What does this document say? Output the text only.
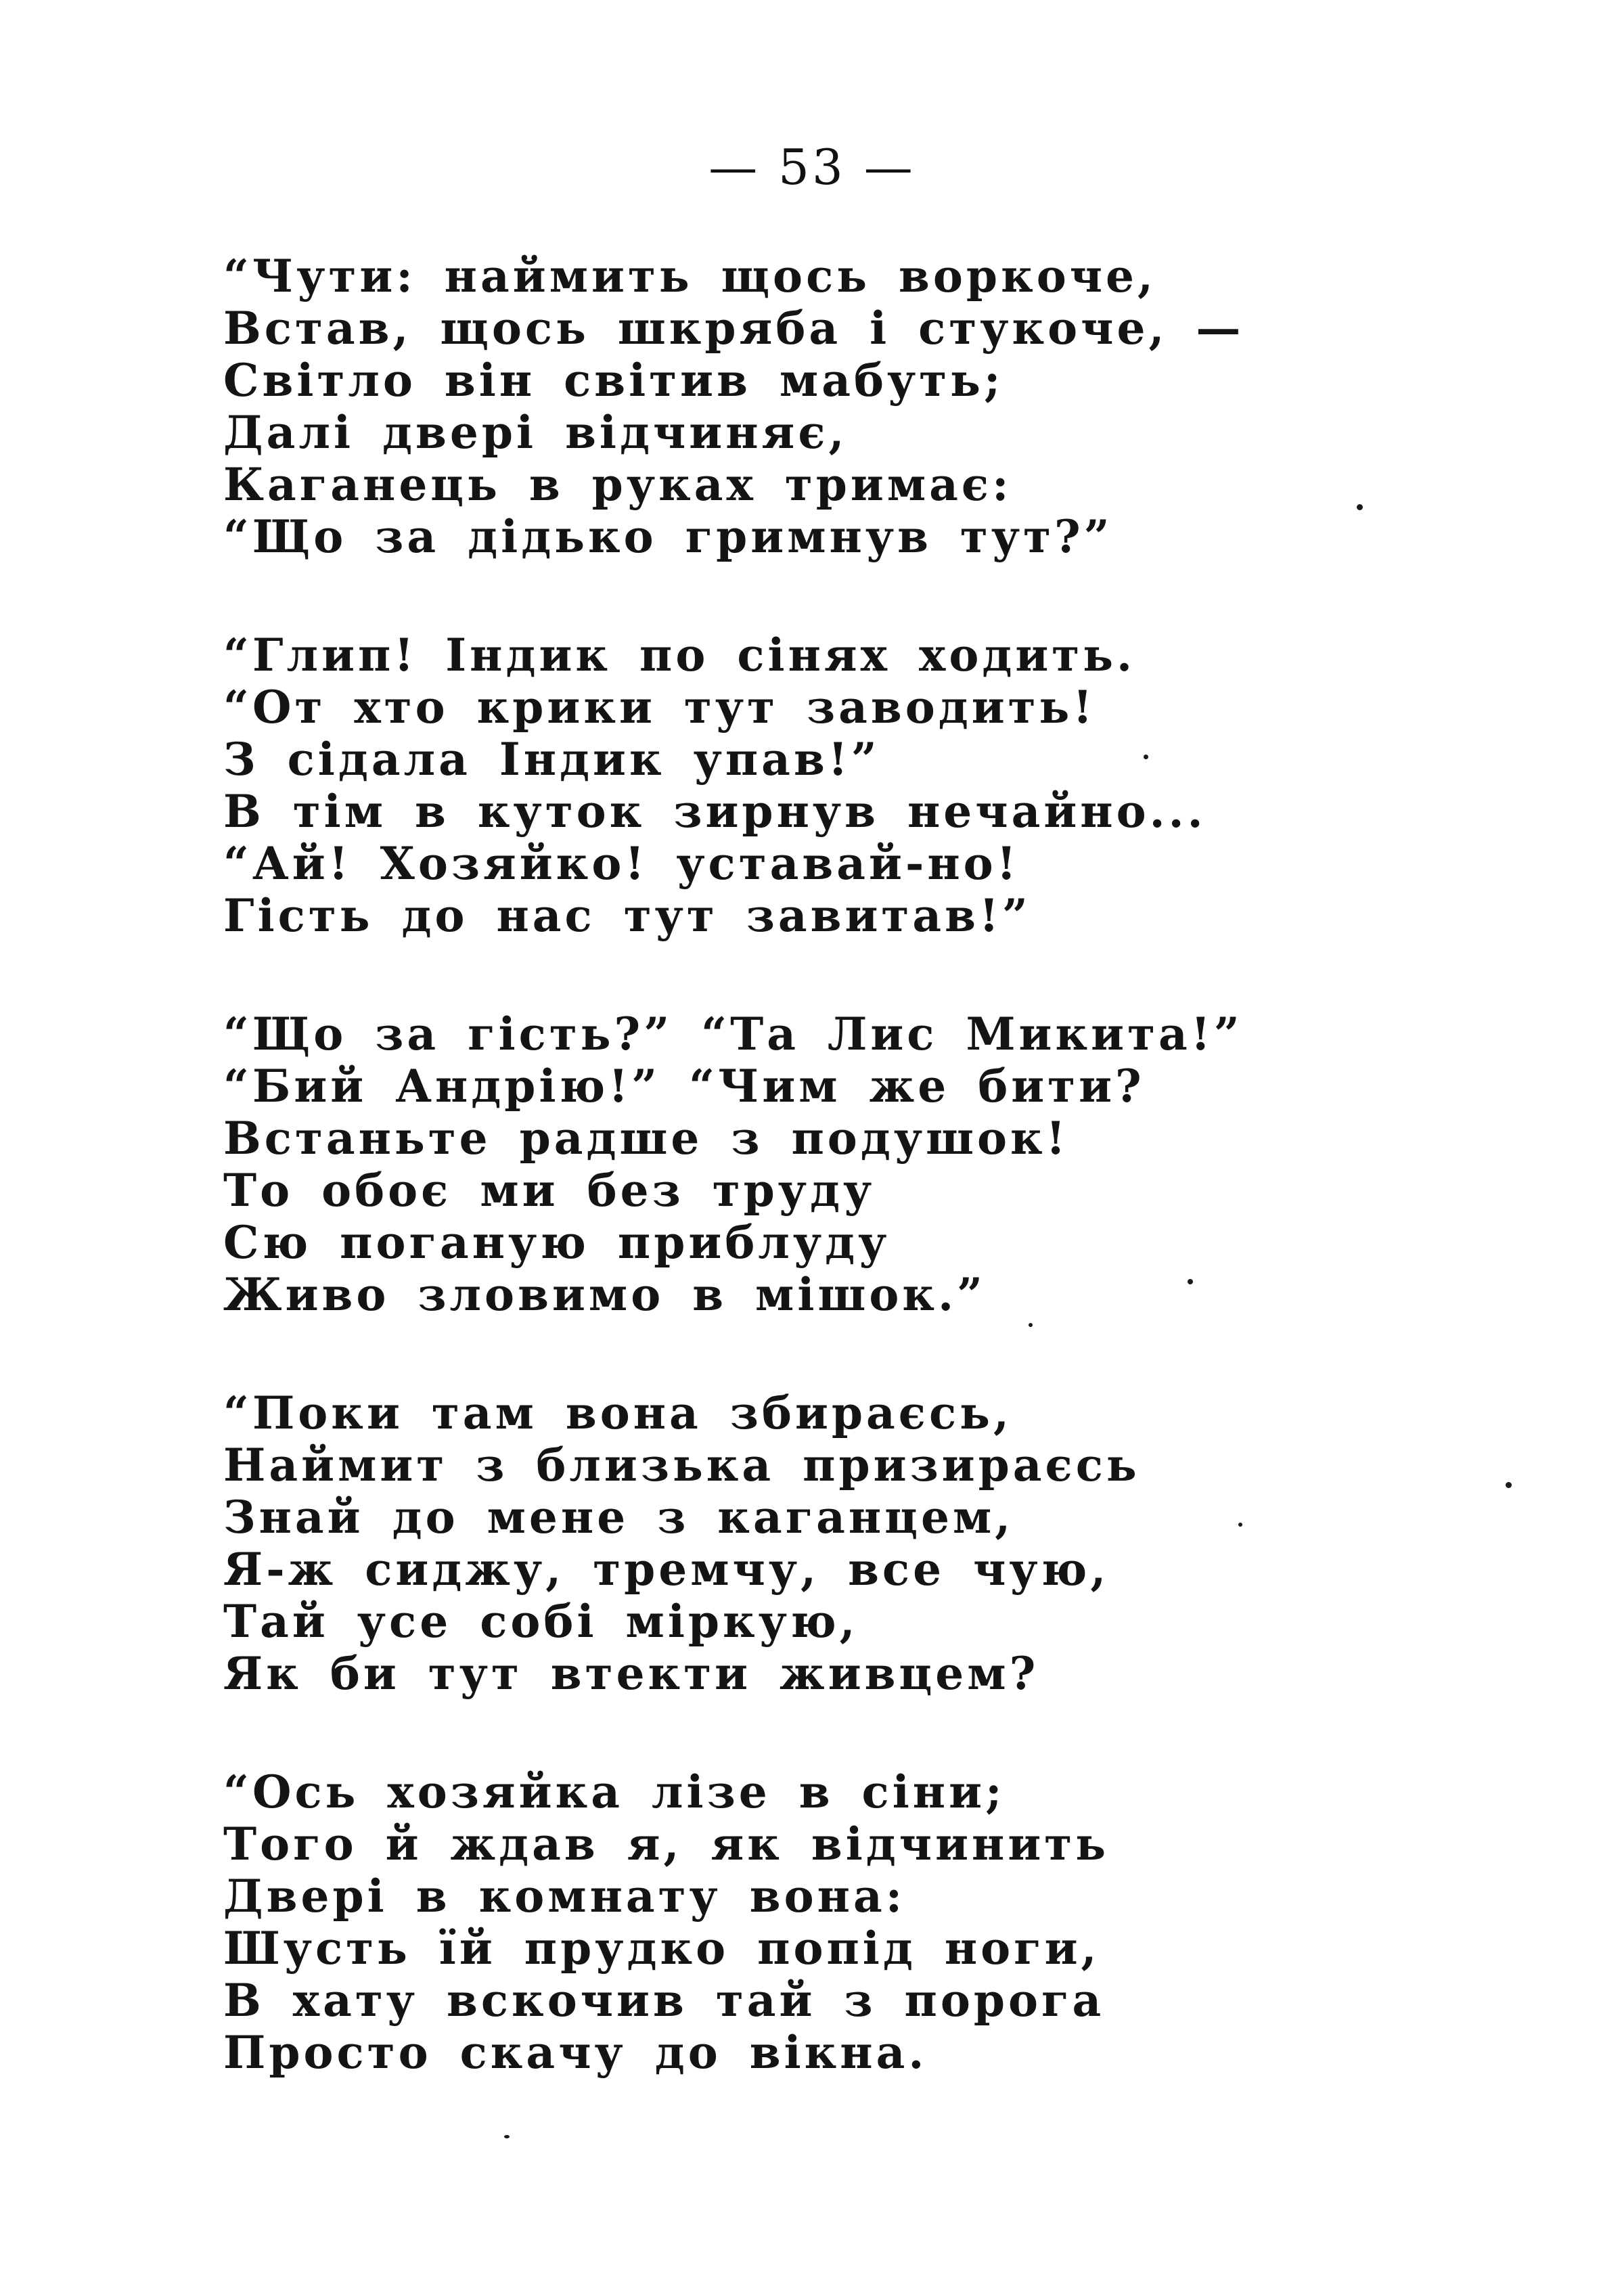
— 53 —
“Чути: наймить щось воркоче,
Встав, щось шкряба і стукоче, —
Світло він світив мабуть;
Далі двері відчиняє,
Каганець в руках тримає:
“Що за дідько гримнув тут?”
“Глип! Індик по сінях ходить.
“От хто крики тут заводить!
З сідала Індик упав!”
В тім в куток зирнув нечайно...
“Ай! Хозяйко! уставай-но!
Гість до нас тут завитав!”
“Що за гість?” “Та Лис Микита!”
“Бий Андрію!” “Чим же бити?
Встаньте радше з подушок!
То обоє ми без труду
Сю поганую приблуду
Живо зловимо в мішок.”
“Поки там вона збираєсь,
Наймит з близька призираєсь
Знай до мене з каганцем,
Я-ж сиджу, тремчу, все чую,
Тай усе собі міркую,
Як би тут втекти живцем?
“Ось хозяйка лізе в сіни;
Того й ждав я, як відчинить
Двері в комнату вона:
Шусть їй прудко попід ноги,
В хату вскочив тай з порога
Просто скачу до вікна.
